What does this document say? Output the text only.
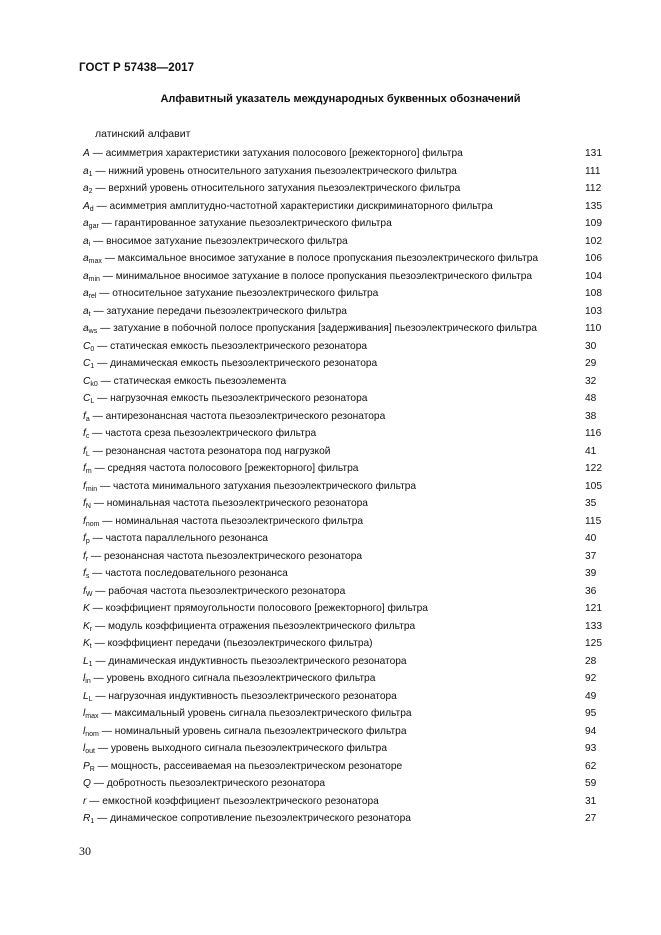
ГОСТ Р 57438—2017
Алфавитный указатель международных буквенных обозначений
латинский алфавит
A — асимметрия характеристики затухания полосового [режекторного] фильтра	131
$a_1$ — нижний уровень относительного затухания пьезоэлектрического фильтра	111
$a_2$ — верхний уровень относительного затухания пьезоэлектрического фильтра	112
$A_d$ — асимметрия амплитудно-частотной характеристики дискриминаторного фильтра	135
$a_{gar}$ — гарантированное затухание пьезоэлектрического фильтра	109
$a_i$ — вносимое затухание пьезоэлектрического фильтра	102
$a_{max}$ — максимальное вносимое затухание в полосе пропускания пьезоэлектрического фильтра	106
$a_{min}$ — минимальное вносимое затухание в полосе пропускания пьезоэлектрического фильтра	104
$a_{rel}$ — относительное затухание пьезоэлектрического фильтра	108
$a_t$ — затухание передачи пьезоэлектрического фильтра	103
$a_{ws}$ — затухание в побочной полосе пропускания [задерживания] пьезоэлектрического фильтра	110
$C_0$ — статическая емкость пьезоэлектрического резонатора	30
$C_1$ — динамическая емкость пьезоэлектрического резонатора	29
$C_{k0}$ — статическая емкость пьезоэлемента	32
$C_L$ — нагрузочная емкость пьезоэлектрического резонатора	48
$f_a$ — антирезонансная частота пьезоэлектрического резонатора	38
$f_c$ — частота среза пьезоэлектрического фильтра	116
$f_L$ — резонансная частота резонатора под нагрузкой	41
$f_m$ — средняя частота полосового [режекторного] фильтра	122
$f_{min}$ — частота минимального затухания пьезоэлектрического фильтра	105
$f_N$ — номинальная частота пьезоэлектрического резонатора	35
$f_{nom}$ — номинальная частота пьезоэлектрического фильтра	115
$f_p$ — частота параллельного резонанса	40
$f_r$ — резонансная частота пьезоэлектрического резонатора	37
$f_s$ — частота последовательного резонанса	39
$f_W$ — рабочая частота пьезоэлектрического резонатора	36
K — коэффициент прямоугольности полосового [режекторного] фильтра	121
$K_r$ — модуль коэффициента отражения пьезоэлектрического фильтра	133
$K_t$ — коэффициент передачи (пьезоэлектрического фильтра)	125
$L_1$ — динамическая индуктивность пьезоэлектрического резонатора	28
$l_{in}$ — уровень входного сигнала пьезоэлектрического фильтра	92
$L_L$ — нагрузочная индуктивность пьезоэлектрического резонатора	49
$l_{max}$ — максимальный уровень сигнала пьезоэлектрического фильтра	95
$l_{nom}$ — номинальный уровень сигнала пьезоэлектрического фильтра	94
$l_{out}$ — уровень выходного сигнала пьезоэлектрического фильтра	93
$P_R$ — мощность, рассеиваемая на пьезоэлектрическом резонаторе	62
Q — добротность пьезоэлектрического резонатора	59
r — емкостной коэффициент пьезоэлектрического резонатора	31
$R_1$ — динамическое сопротивление пьезоэлектрического резонатора	27
30
